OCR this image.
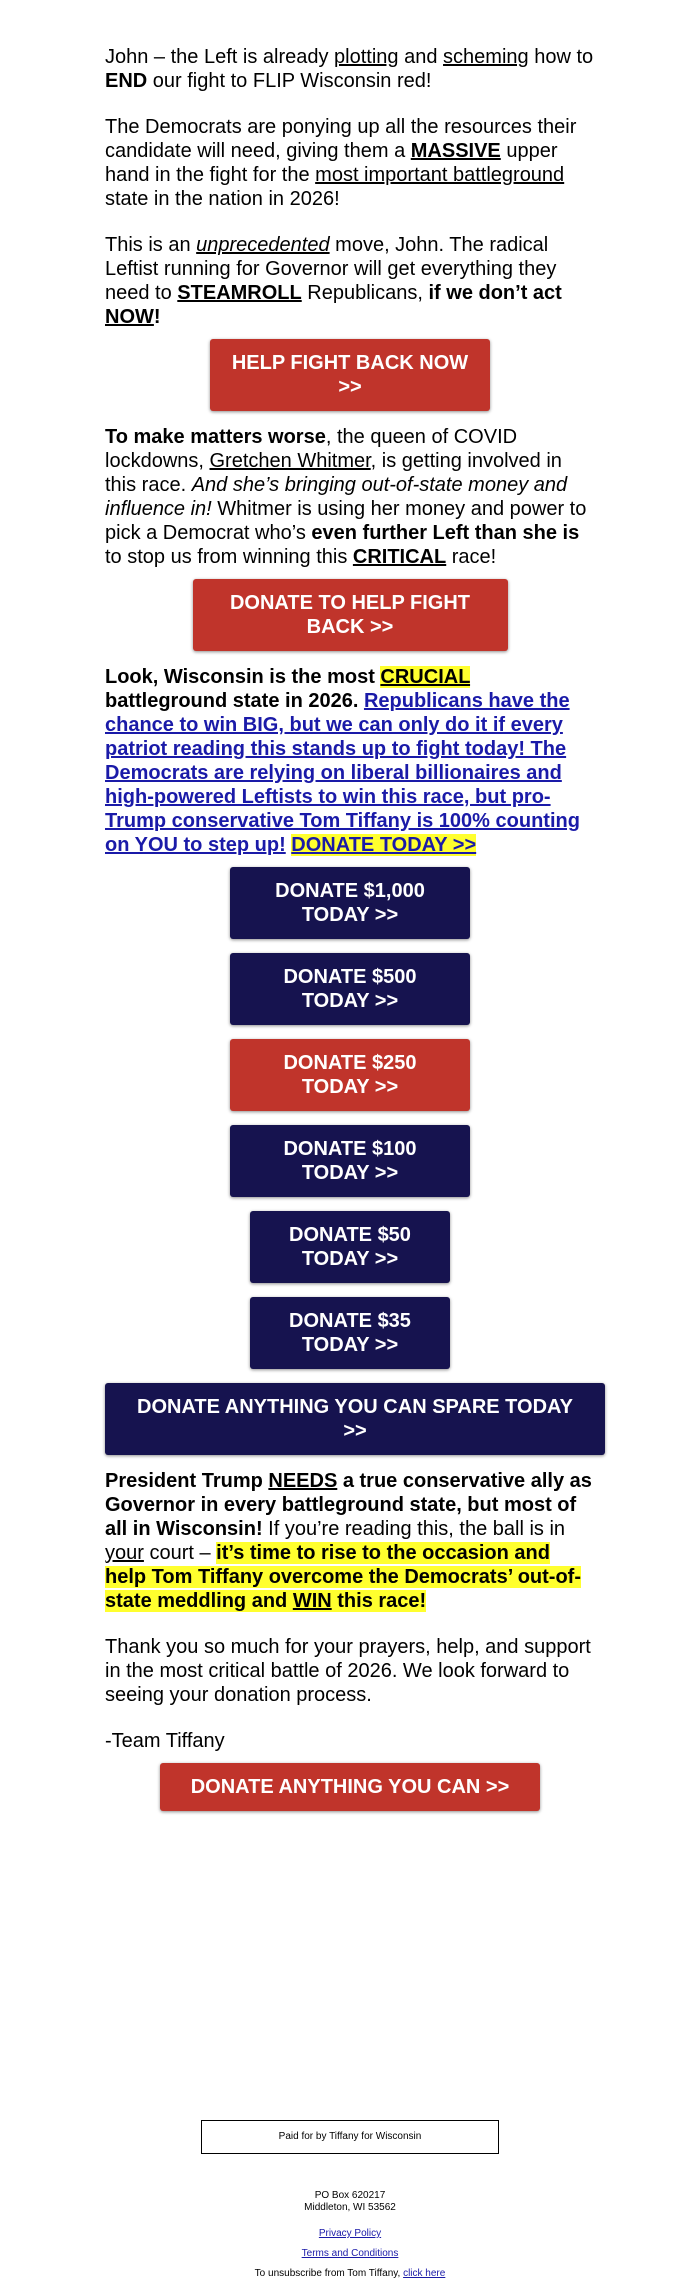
John – the Left is already plotting and scheming how to END our fight to FLIP Wisconsin red!

The Democrats are ponying up all the resources their candidate will need, giving them a MASSIVE upper hand in the fight for the most important battleground state in the nation in 2026!

This is an unprecedented move, John. The radical Leftist running for Governor will get everything they need to STEAMROLL Republicans, if we don’t act NOW!

HELP FIGHT BACK NOW >>

To make matters worse, the queen of COVID lockdowns, Gretchen Whitmer, is getting involved in this race. And she’s bringing out-of-state money and influence in! Whitmer is using her money and power to pick a Democrat who’s even further Left than she is to stop us from winning this CRITICAL race!

DONATE TO HELP FIGHT BACK >>

Look, Wisconsin is the most CRUCIAL battleground state in 2026. Republicans have the chance to win BIG, but we can only do it if every patriot reading this stands up to fight today! The Democrats are relying on liberal billionaires and high-powered Leftists to win this race, but pro-Trump conservative Tom Tiffany is 100% counting on YOU to step up! DONATE TODAY >>

DONATE $1,000 TODAY >>
DONATE $500 TODAY >>
DONATE $250 TODAY >>
DONATE $100 TODAY >>
DONATE $50 TODAY >>
DONATE $35 TODAY >>
DONATE ANYTHING YOU CAN SPARE TODAY >>

President Trump NEEDS a true conservative ally as Governor in every battleground state, but most of all in Wisconsin! If you’re reading this, the ball is in your court – it’s time to rise to the occasion and help Tom Tiffany overcome the Democrats’ out-of-state meddling and WIN this race!

Thank you so much for your prayers, help, and support in the most critical battle of 2026. We look forward to seeing your donation process.

-Team Tiffany

DONATE ANYTHING YOU CAN >>
Paid for by Tiffany for Wisconsin

PO Box 620217

Middleton, WI 53562

Privacy Policy

Terms and Conditions

To unsubscribe from Tom Tiffany, click here
